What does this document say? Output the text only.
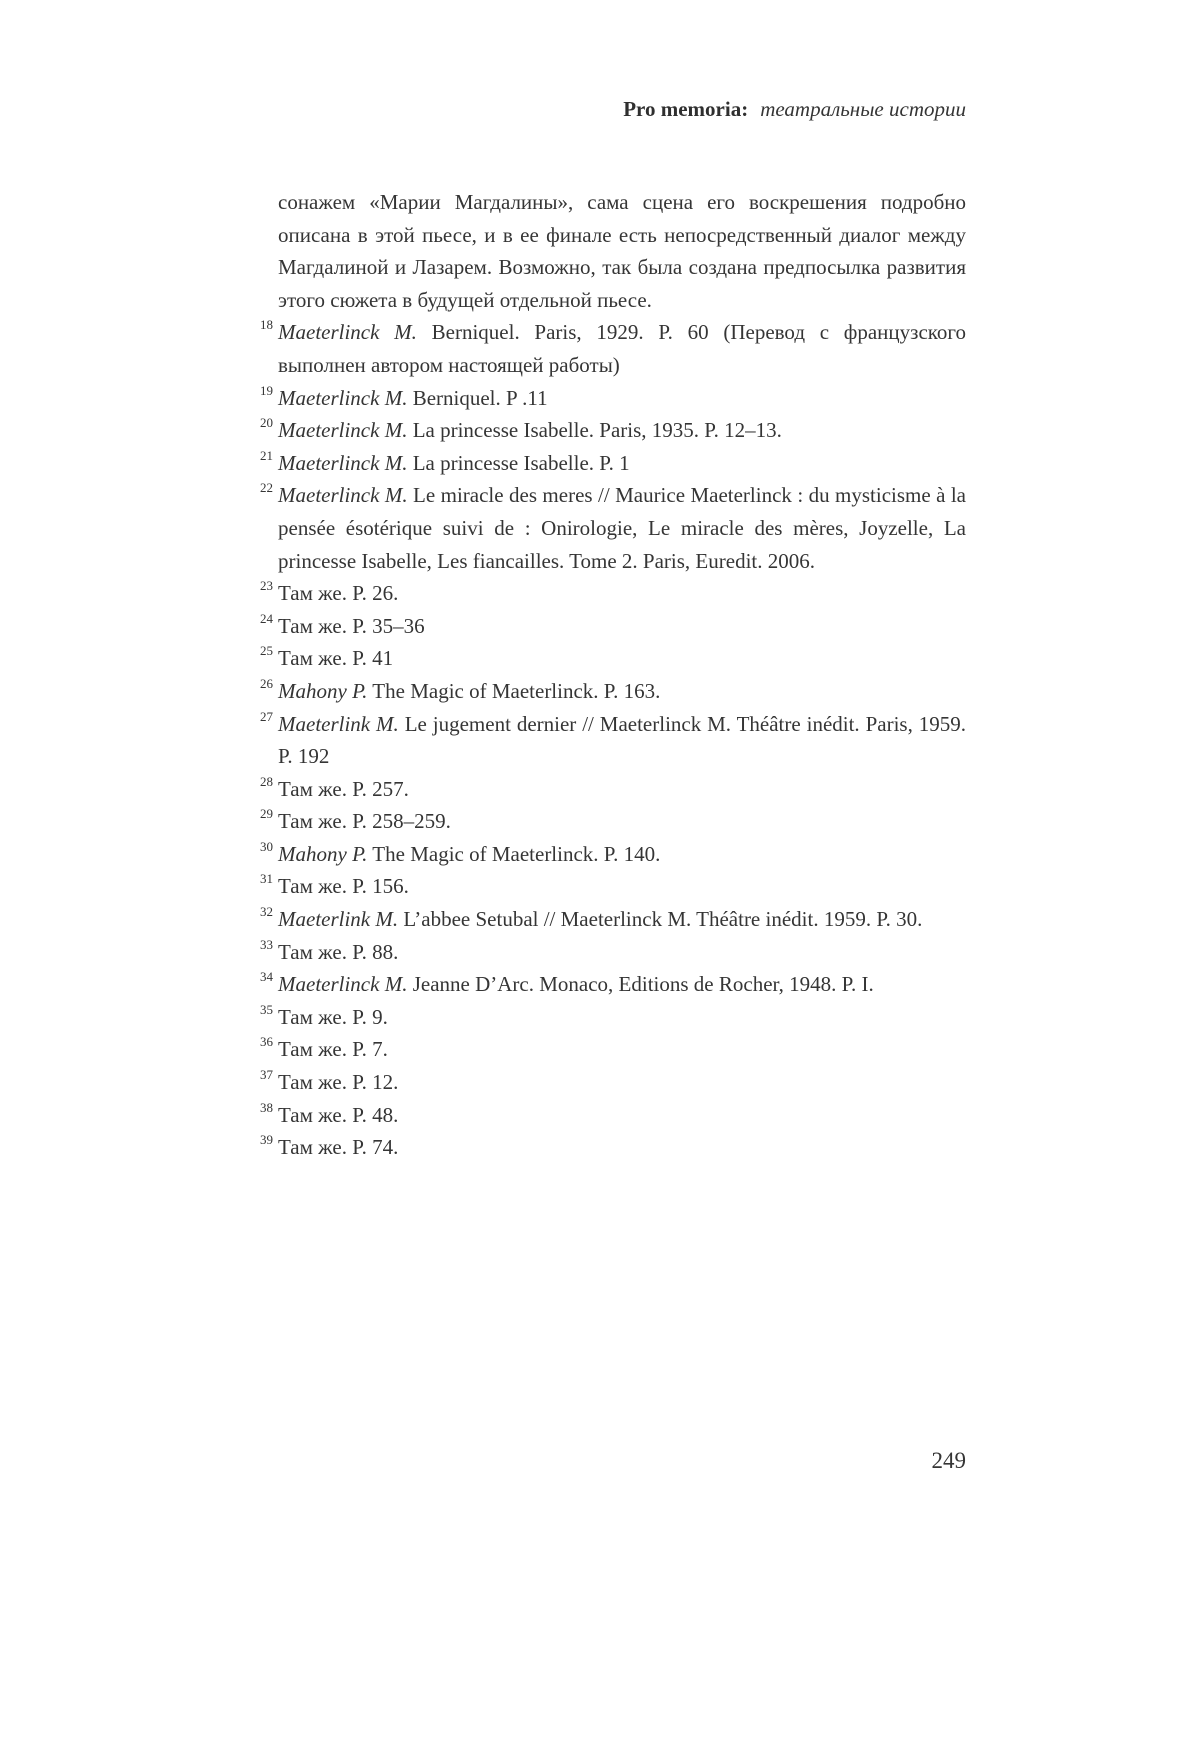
Pro memoria: театральные истории

сонажем «Марии Магдалины», сама сцена его воскрешения подробно описана в этой пьесе, и в ее финале есть непосредственный диалог между Магдалиной и Лазарем. Возможно, так была создана предпосылка развития этого сюжета в будущей отдельной пьесе.

18 Maeterlinck M. Berniquel. Paris, 1929. P. 60 (Перевод с французского выполнен автором настоящей работы)
19 Maeterlinck M. Berniquel. P .11
20 Maeterlinck M. La princesse Isabelle. Paris, 1935. P. 12–13.
21 Maeterlinck M. La princesse Isabelle. P. 1
22 Maeterlinck M. Le miracle des meres // Maurice Maeterlinck : du mysticisme à la pensée ésotérique suivi de : Onirologie, Le miracle des mères, Joyzelle, La princesse Isabelle, Les fiancailles. Tome 2. Paris, Euredit. 2006.
23 Там же. P. 26.
24 Там же. P. 35–36
25 Там же. P. 41
26 Mahony P. The Magic of Maeterlinck. P. 163.
27 Maeterlink M. Le jugement dernier // Maeterlinck M. Théâtre inédit. Paris, 1959. P. 192
28 Там же. P. 257.
29 Там же. P. 258–259.
30 Mahony P. The Magic of Maeterlinck. P. 140.
31 Там же. P. 156.
32 Maeterlink M. L’abbee Setubal // Maeterlinck M. Théâtre inédit. 1959. P. 30.
33 Там же. P. 88.
34 Maeterlinck M. Jeanne D’Arc. Monaco, Editions de Rocher, 1948. P. I.
35 Там же. P. 9.
36 Там же. P. 7.
37 Там же. P. 12.
38 Там же. P. 48.
39 Там же. P. 74.
249
